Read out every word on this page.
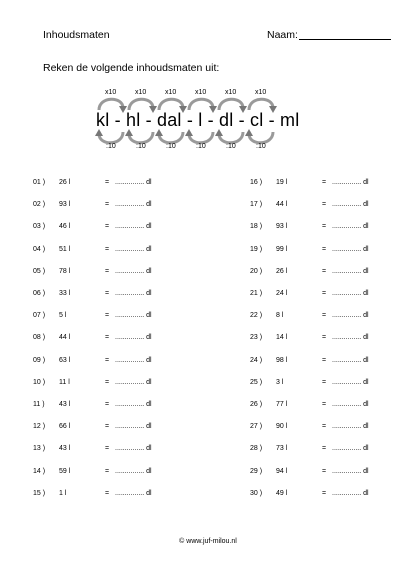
Inhoudsmaten	Naam:
Reken de volgende inhoudsmaten uit:
kl - hl - dal - l - dl - cl - ml
x10
:10
x10
:10
x10
:10
x10
:10
x10
:10
x10
:10
01 ) 26 l	= ............... dl
02 ) 93 l	= ............... dl
03 ) 46 l	= ............... dl
04 ) 51 l	= ............... dl
05 ) 78 l	= ............... dl
06 ) 33 l	= ............... dl
07 ) 5 l	= ............... dl
08 ) 44 l	= ............... dl
09 ) 63 l	= ............... dl
10 ) 11 l	= ............... dl
11 ) 43 l	= ............... dl
12 ) 66 l	= ............... dl
13 ) 43 l	= ............... dl
14 ) 59 l	= ............... dl
15 ) 1 l	= ............... dl
16 ) 19 l	= ............... dl
17 ) 44 l	= ............... dl
18 ) 93 l	= ............... dl
19 ) 99 l	= ............... dl
20 ) 26 l	= ............... dl
21 ) 24 l	= ............... dl
22 ) 8 l	= ............... dl
23 ) 14 l	= ............... dl
24 ) 98 l	= ............... dl
25 ) 3 l	= ............... dl
26 ) 77 l	= ............... dl
27 ) 90 l	= ............... dl
28 ) 73 l	= ............... dl
29 ) 94 l	= ............... dl
30 ) 49 l	= ............... dl
© www.juf-milou.nl
